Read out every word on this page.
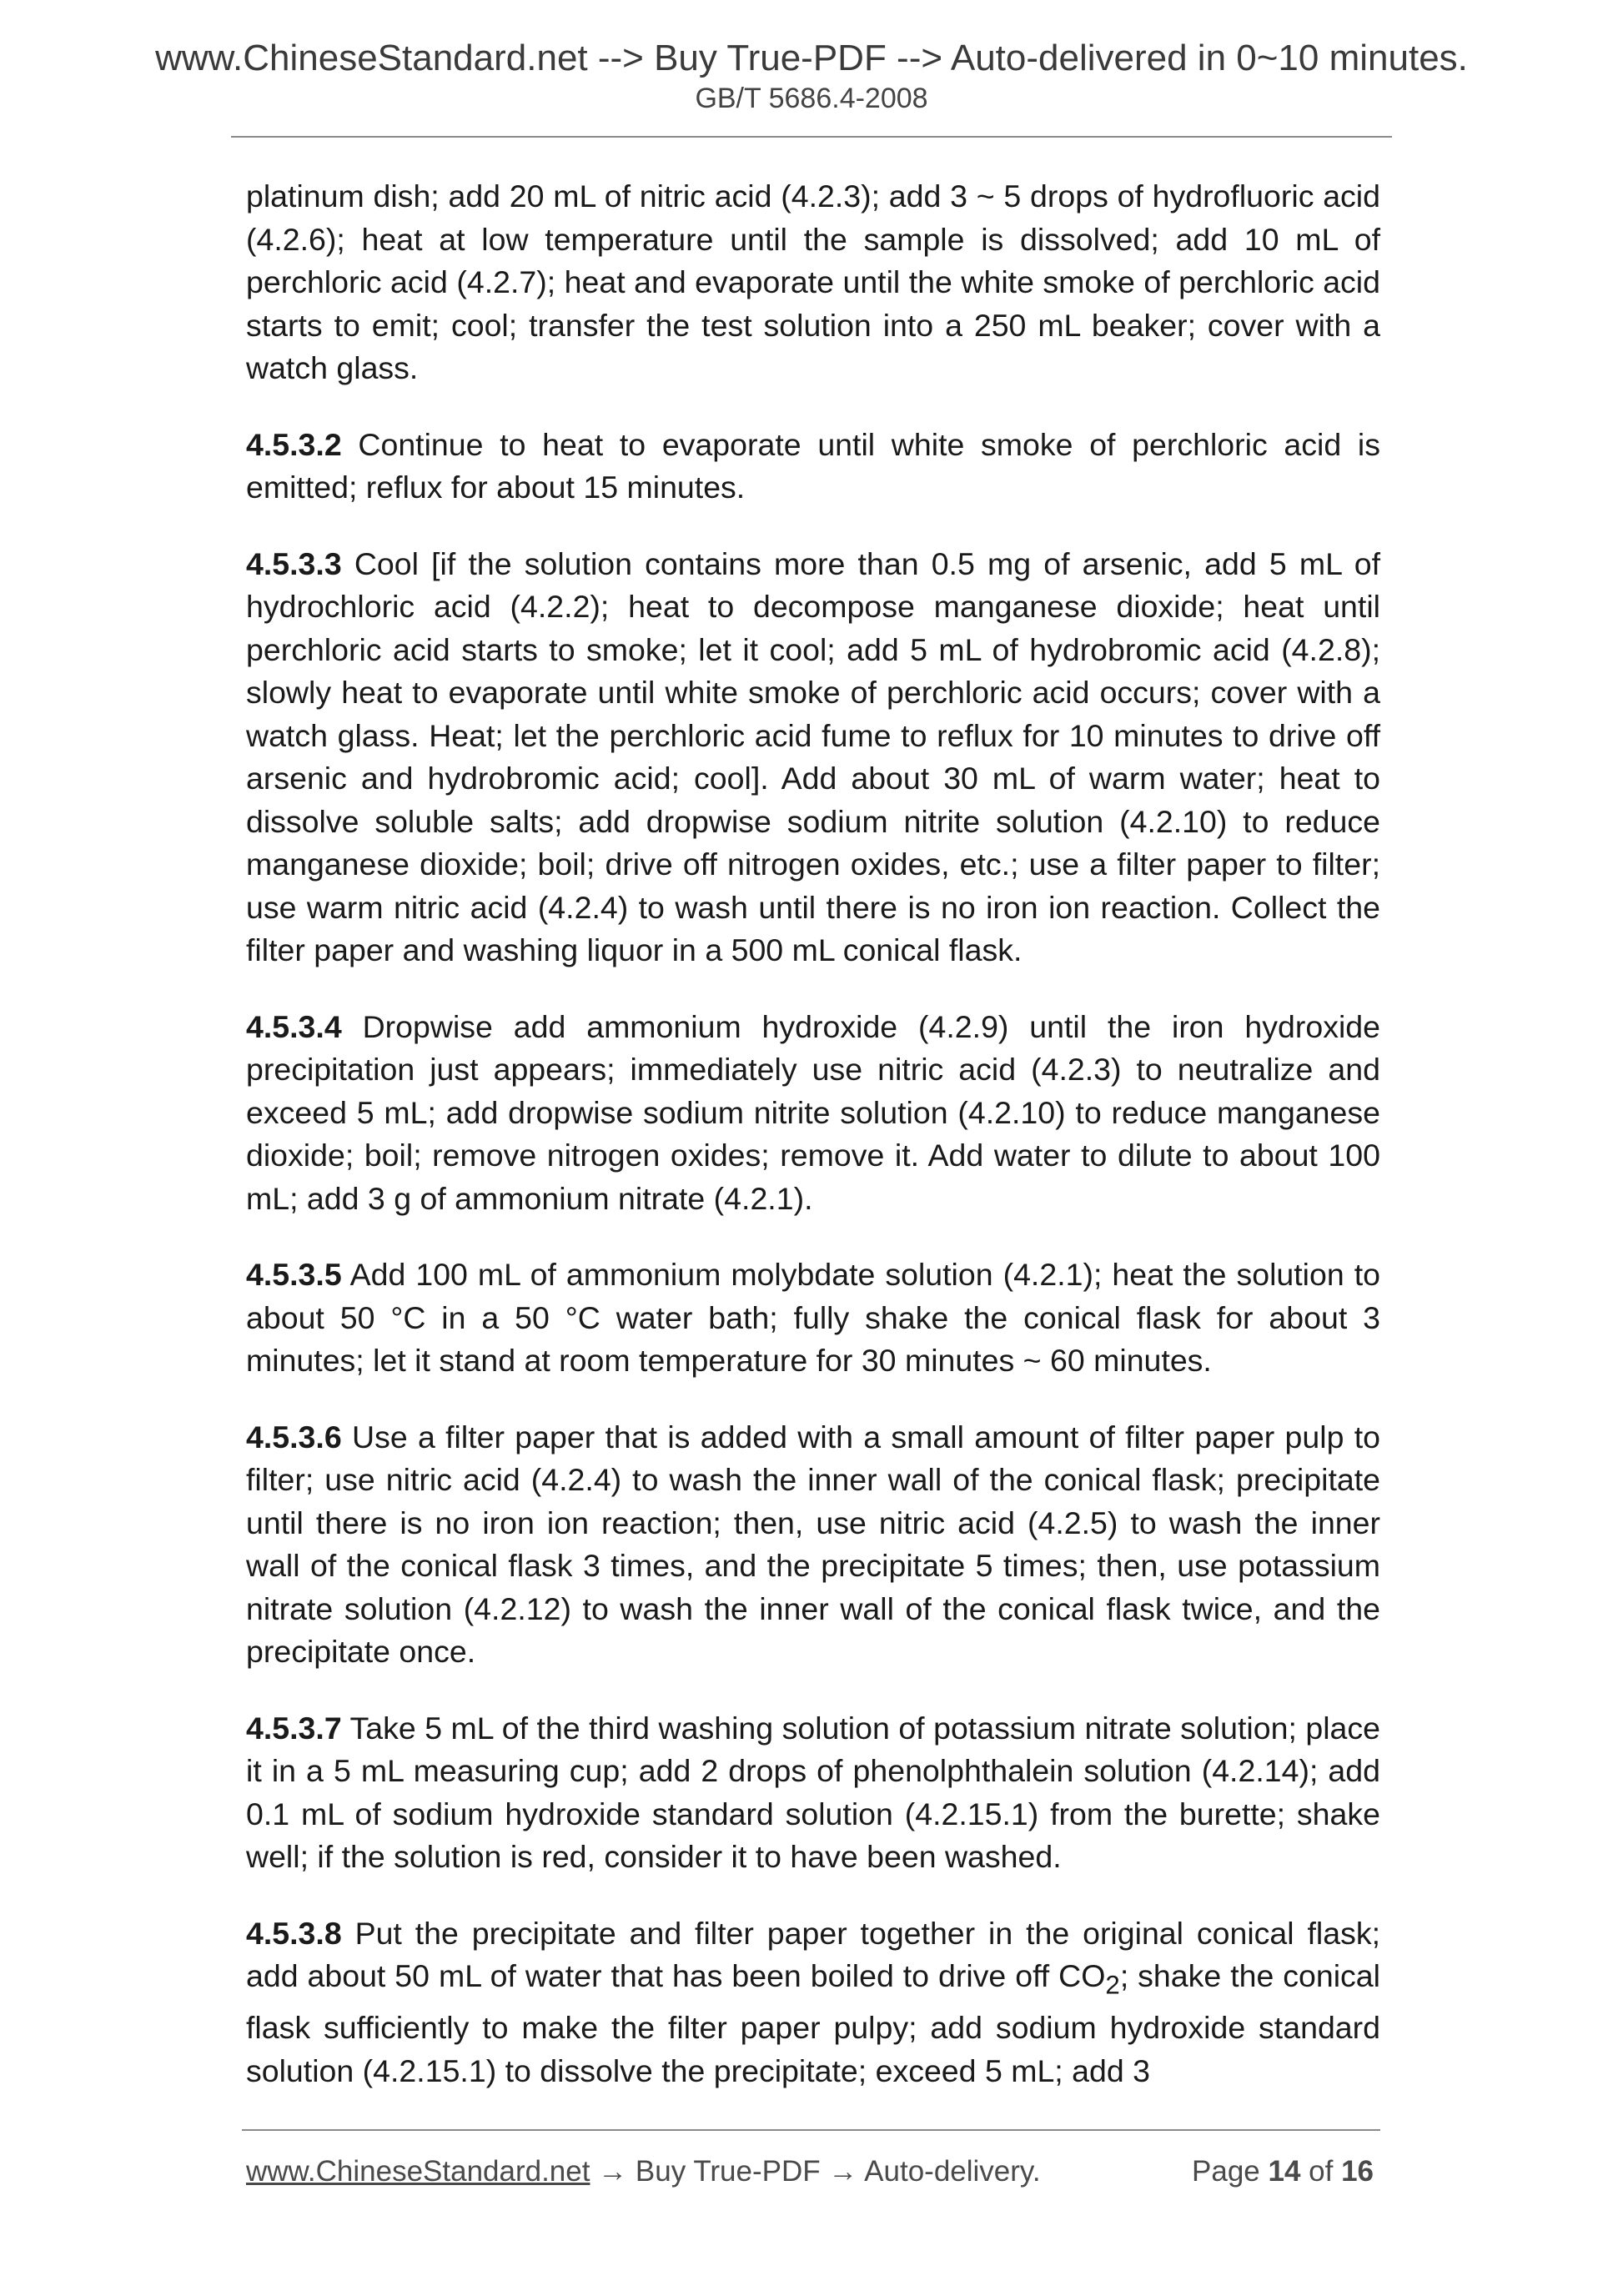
www.ChineseStandard.net --> Buy True-PDF --> Auto-delivered in 0~10 minutes.
GB/T 5686.4-2008

platinum dish; add 20 mL of nitric acid (4.2.3); add 3 ~ 5 drops of hydrofluoric acid (4.2.6); heat at low temperature until the sample is dissolved; add 10 mL of perchloric acid (4.2.7); heat and evaporate until the white smoke of perchloric acid starts to emit; cool; transfer the test solution into a 250 mL beaker; cover with a watch glass.

4.5.3.2 Continue to heat to evaporate until white smoke of perchloric acid is emitted; reflux for about 15 minutes.

4.5.3.3 Cool [if the solution contains more than 0.5 mg of arsenic, add 5 mL of hydrochloric acid (4.2.2); heat to decompose manganese dioxide; heat until perchloric acid starts to smoke; let it cool; add 5 mL of hydrobromic acid (4.2.8); slowly heat to evaporate until white smoke of perchloric acid occurs; cover with a watch glass. Heat; let the perchloric acid fume to reflux for 10 minutes to drive off arsenic and hydrobromic acid; cool]. Add about 30 mL of warm water; heat to dissolve soluble salts; add dropwise sodium nitrite solution (4.2.10) to reduce manganese dioxide; boil; drive off nitrogen oxides, etc.; use a filter paper to filter; use warm nitric acid (4.2.4) to wash until there is no iron ion reaction. Collect the filter paper and washing liquor in a 500 mL conical flask.

4.5.3.4 Dropwise add ammonium hydroxide (4.2.9) until the iron hydroxide precipitation just appears; immediately use nitric acid (4.2.3) to neutralize and exceed 5 mL; add dropwise sodium nitrite solution (4.2.10) to reduce manganese dioxide; boil; remove nitrogen oxides; remove it. Add water to dilute to about 100 mL; add 3 g of ammonium nitrate (4.2.1).

4.5.3.5 Add 100 mL of ammonium molybdate solution (4.2.1); heat the solution to about 50 °C in a 50 °C water bath; fully shake the conical flask for about 3 minutes; let it stand at room temperature for 30 minutes ~ 60 minutes.

4.5.3.6 Use a filter paper that is added with a small amount of filter paper pulp to filter; use nitric acid (4.2.4) to wash the inner wall of the conical flask; precipitate until there is no iron ion reaction; then, use nitric acid (4.2.5) to wash the inner wall of the conical flask 3 times, and the precipitate 5 times; then, use potassium nitrate solution (4.2.12) to wash the inner wall of the conical flask twice, and the precipitate once.

4.5.3.7 Take 5 mL of the third washing solution of potassium nitrate solution; place it in a 5 mL measuring cup; add 2 drops of phenolphthalein solution (4.2.14); add 0.1 mL of sodium hydroxide standard solution (4.2.15.1) from the burette; shake well; if the solution is red, consider it to have been washed.

4.5.3.8 Put the precipitate and filter paper together in the original conical flask; add about 50 mL of water that has been boiled to drive off $CO_2$; shake the conical flask sufficiently to make the filter paper pulpy; add sodium hydroxide standard solution (4.2.15.1) to dissolve the precipitate; exceed 5 mL; add 3

www.ChineseStandard.net → Buy True-PDF → Auto-delivery.	Page 14 of 16
